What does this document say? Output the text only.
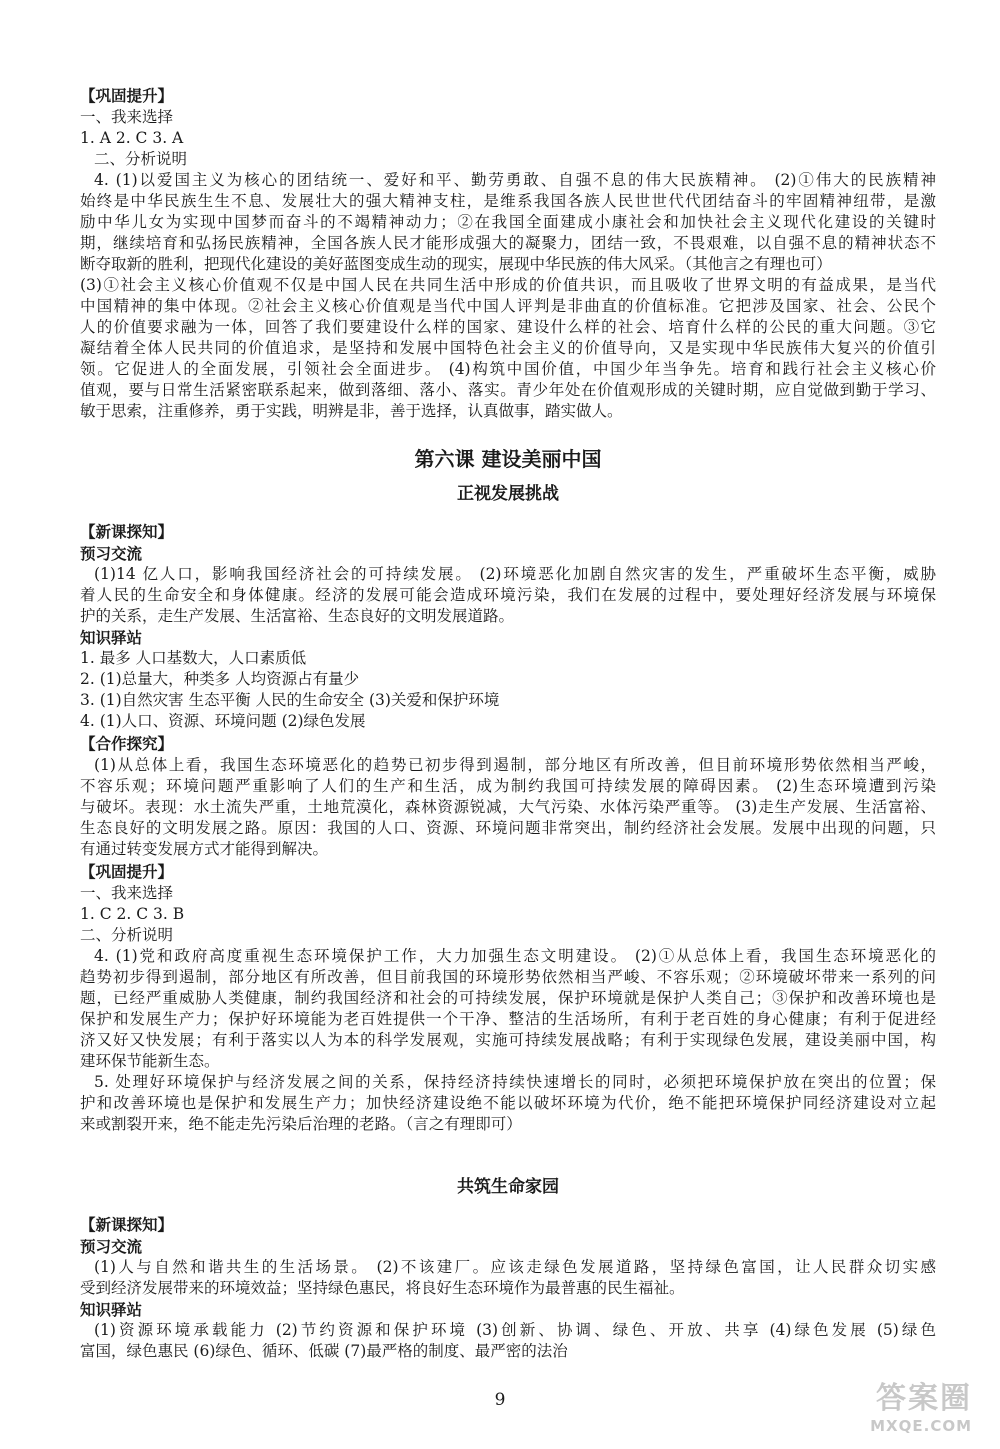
【巩固提升】
一、我来选择
1. A 2. C 3. A
二、分析说明
4. (1)以爱国主义为核心的团结统一、爱好和平、勤劳勇敢、自强不息的伟大民族精神。 (2)①伟大的民族精神
始终是中华民族生生不息、发展壮大的强大精神支柱，是维系我国各族人民世世代代团结奋斗的牢固精神纽带，是激
励中华儿女为实现中国梦而奋斗的不竭精神动力；②在我国全面建成小康社会和加快社会主义现代化建设的关键时
期，继续培育和弘扬民族精神，全国各族人民才能形成强大的凝聚力，团结一致，不畏艰难，以自强不息的精神状态不
断夺取新的胜利，把现代化建设的美好蓝图变成生动的现实，展现中华民族的伟大风采。（其他言之有理也可）
(3)①社会主义核心价值观不仅是中国人民在共同生活中形成的价值共识，而且吸收了世界文明的有益成果，是当代
中国精神的集中体现。②社会主义核心价值观是当代中国人评判是非曲直的价值标准。它把涉及国家、社会、公民个
人的价值要求融为一体，回答了我们要建设什么样的国家、建设什么样的社会、培育什么样的公民的重大问题。③它
凝结着全体人民共同的价值追求，是坚持和发展中国特色社会主义的价值导向，又是实现中华民族伟大复兴的价值引
领。它促进人的全面发展，引领社会全面进步。 (4)构筑中国价值，中国少年当争先。培育和践行社会主义核心价
值观，要与日常生活紧密联系起来，做到落细、落小、落实。青少年处在价值观形成的关键时期，应自觉做到勤于学习、
敏于思索，注重修养，勇于实践，明辨是非，善于选择，认真做事，踏实做人。
第六课 建设美丽中国
正视发展挑战
【新课探知】
预习交流
(1)14 亿人口，影响我国经济社会的可持续发展。 (2)环境恶化加剧自然灾害的发生，严重破坏生态平衡，威胁
着人民的生命安全和身体健康。经济的发展可能会造成环境污染，我们在发展的过程中，要处理好经济发展与环境保
护的关系，走生产发展、生活富裕、生态良好的文明发展道路。
知识驿站
1. 最多 人口基数大，人口素质低
2. (1)总量大，种类多 人均资源占有量少
3. (1)自然灾害 生态平衡 人民的生命安全 (3)关爱和保护环境
4. (1)人口、资源、环境问题 (2)绿色发展
【合作探究】
(1)从总体上看，我国生态环境恶化的趋势已初步得到遏制，部分地区有所改善，但目前环境形势依然相当严峻，
不容乐观；环境问题严重影响了人们的生产和生活，成为制约我国可持续发展的障碍因素。 (2)生态环境遭到污染
与破坏。表现：水土流失严重，土地荒漠化，森林资源锐减，大气污染、水体污染严重等。 (3)走生产发展、生活富裕、
生态良好的文明发展之路。原因：我国的人口、资源、环境问题非常突出，制约经济社会发展。发展中出现的问题，只
有通过转变发展方式才能得到解决。
【巩固提升】
一、我来选择
1. C 2. C 3. B
二、分析说明
4. (1)党和政府高度重视生态环境保护工作，大力加强生态文明建设。 (2)①从总体上看，我国生态环境恶化的
趋势初步得到遏制，部分地区有所改善，但目前我国的环境形势依然相当严峻、不容乐观；②环境破坏带来一系列的问
题，已经严重威胁人类健康，制约我国经济和社会的可持续发展，保护环境就是保护人类自己；③保护和改善环境也是
保护和发展生产力；保护好环境能为老百姓提供一个干净、整洁的生活场所，有利于老百姓的身心健康；有利于促进经
济又好又快发展；有利于落实以人为本的科学发展观，实施可持续发展战略；有利于实现绿色发展，建设美丽中国，构
建环保节能新生态。
5. 处理好环境保护与经济发展之间的关系，保持经济持续快速增长的同时，必须把环境保护放在突出的位置；保
护和改善环境也是保护和发展生产力；加快经济建设绝不能以破坏环境为代价，绝不能把环境保护同经济建设对立起
来或割裂开来，绝不能走先污染后治理的老路。（言之有理即可）
共筑生命家园
【新课探知】
预习交流
(1)人与自然和谐共生的生活场景。 (2)不该建厂。应该走绿色发展道路，坚持绿色富国，让人民群众切实感
受到经济发展带来的环境效益；坚持绿色惠民，将良好生态环境作为最普惠的民生福祉。
知识驿站
(1)资源环境承载能力 (2)节约资源和保护环境 (3)创新、协调、绿色、开放、共享 (4)绿色发展 (5)绿色
富国，绿色惠民 (6)绿色、循环、低碳 (7)最严格的制度、最严密的法治
9	答案圈
MXQE.COM
